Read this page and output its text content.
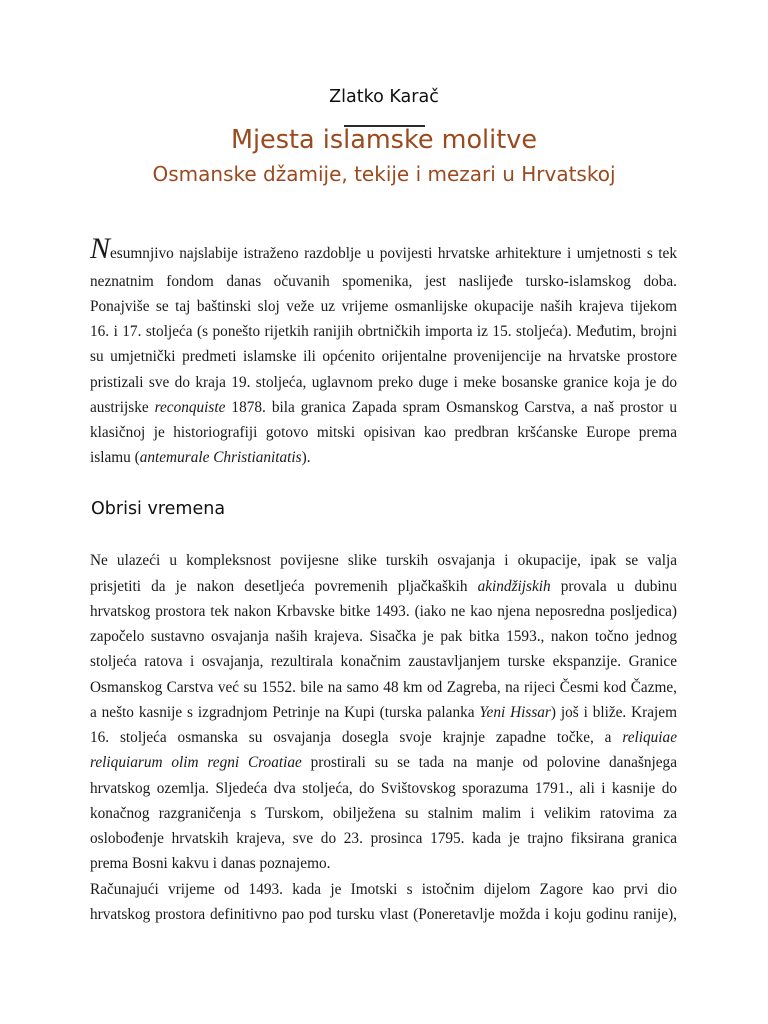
Zlatko Karač
Mjesta islamske molitve
Osmanske džamije, tekije i mezari u Hrvatskoj
Nesumnjivo najslabije istraženo razdoblje u povijesti hrvatske arhitekture i umjetnosti s tek
neznatnim fondom danas očuvanih spomenika, jest naslijeđe tursko-islamskog doba.
Ponajviše se taj baštinski sloj veže uz vrijeme osmanlijske okupacije naših krajeva tijekom
16. i 17. stoljeća (s ponešto rijetkih ranijih obrtničkih importa iz 15. stoljeća). Međutim, brojni
su umjetnički predmeti islamske ili općenito orijentalne provenijencije na hrvatske prostore
pristizali sve do kraja 19. stoljeća, uglavnom preko duge i meke bosanske granice koja je do
austrijske reconquiste 1878. bila granica Zapada spram Osmanskog Carstva, a naš prostor u
klasičnoj je historiografiji gotovo mitski opisivan kao predbran kršćanske Europe prema
islamu (antemurale Christianitatis).
Obrisi vremena
Ne ulazeći u kompleksnost povijesne slike turskih osvajanja i okupacije, ipak se valja
prisjetiti da je nakon desetljeća povremenih pljačkaških akindžijskih provala u dubinu
hrvatskog prostora tek nakon Krbavske bitke 1493. (iako ne kao njena neposredna posljedica)
započelo sustavno osvajanja naših krajeva. Sisačka je pak bitka 1593., nakon točno jednog
stoljeća ratova i osvajanja, rezultirala konačnim zaustavljanjem turske ekspanzije. Granice
Osmanskog Carstva već su 1552. bile na samo 48 km od Zagreba, na rijeci Česmi kod Čazme,
a nešto kasnije s izgradnjom Petrinje na Kupi (turska palanka Yeni Hissar) još i bliže. Krajem
16. stoljeća osmanska su osvajanja dosegla svoje krajnje zapadne točke, a reliquiae
reliquiarum olim regni Croatiae prostirali su se tada na manje od polovine današnjega
hrvatskog ozemlja. Sljedeća dva stoljeća, do Svištovskog sporazuma 1791., ali i kasnije do
konačnog razgraničenja s Turskom, obilježena su stalnim malim i velikim ratovima za
oslobođenje hrvatskih krajeva, sve do 23. prosinca 1795. kada je trajno fiksirana granica
prema Bosni kakvu i danas poznajemo.
Računajući vrijeme od 1493. kada je Imotski s istočnim dijelom Zagore kao prvi dio
hrvatskog prostora definitivno pao pod tursku vlast (Poneretavlje možda i koju godinu ranije),
